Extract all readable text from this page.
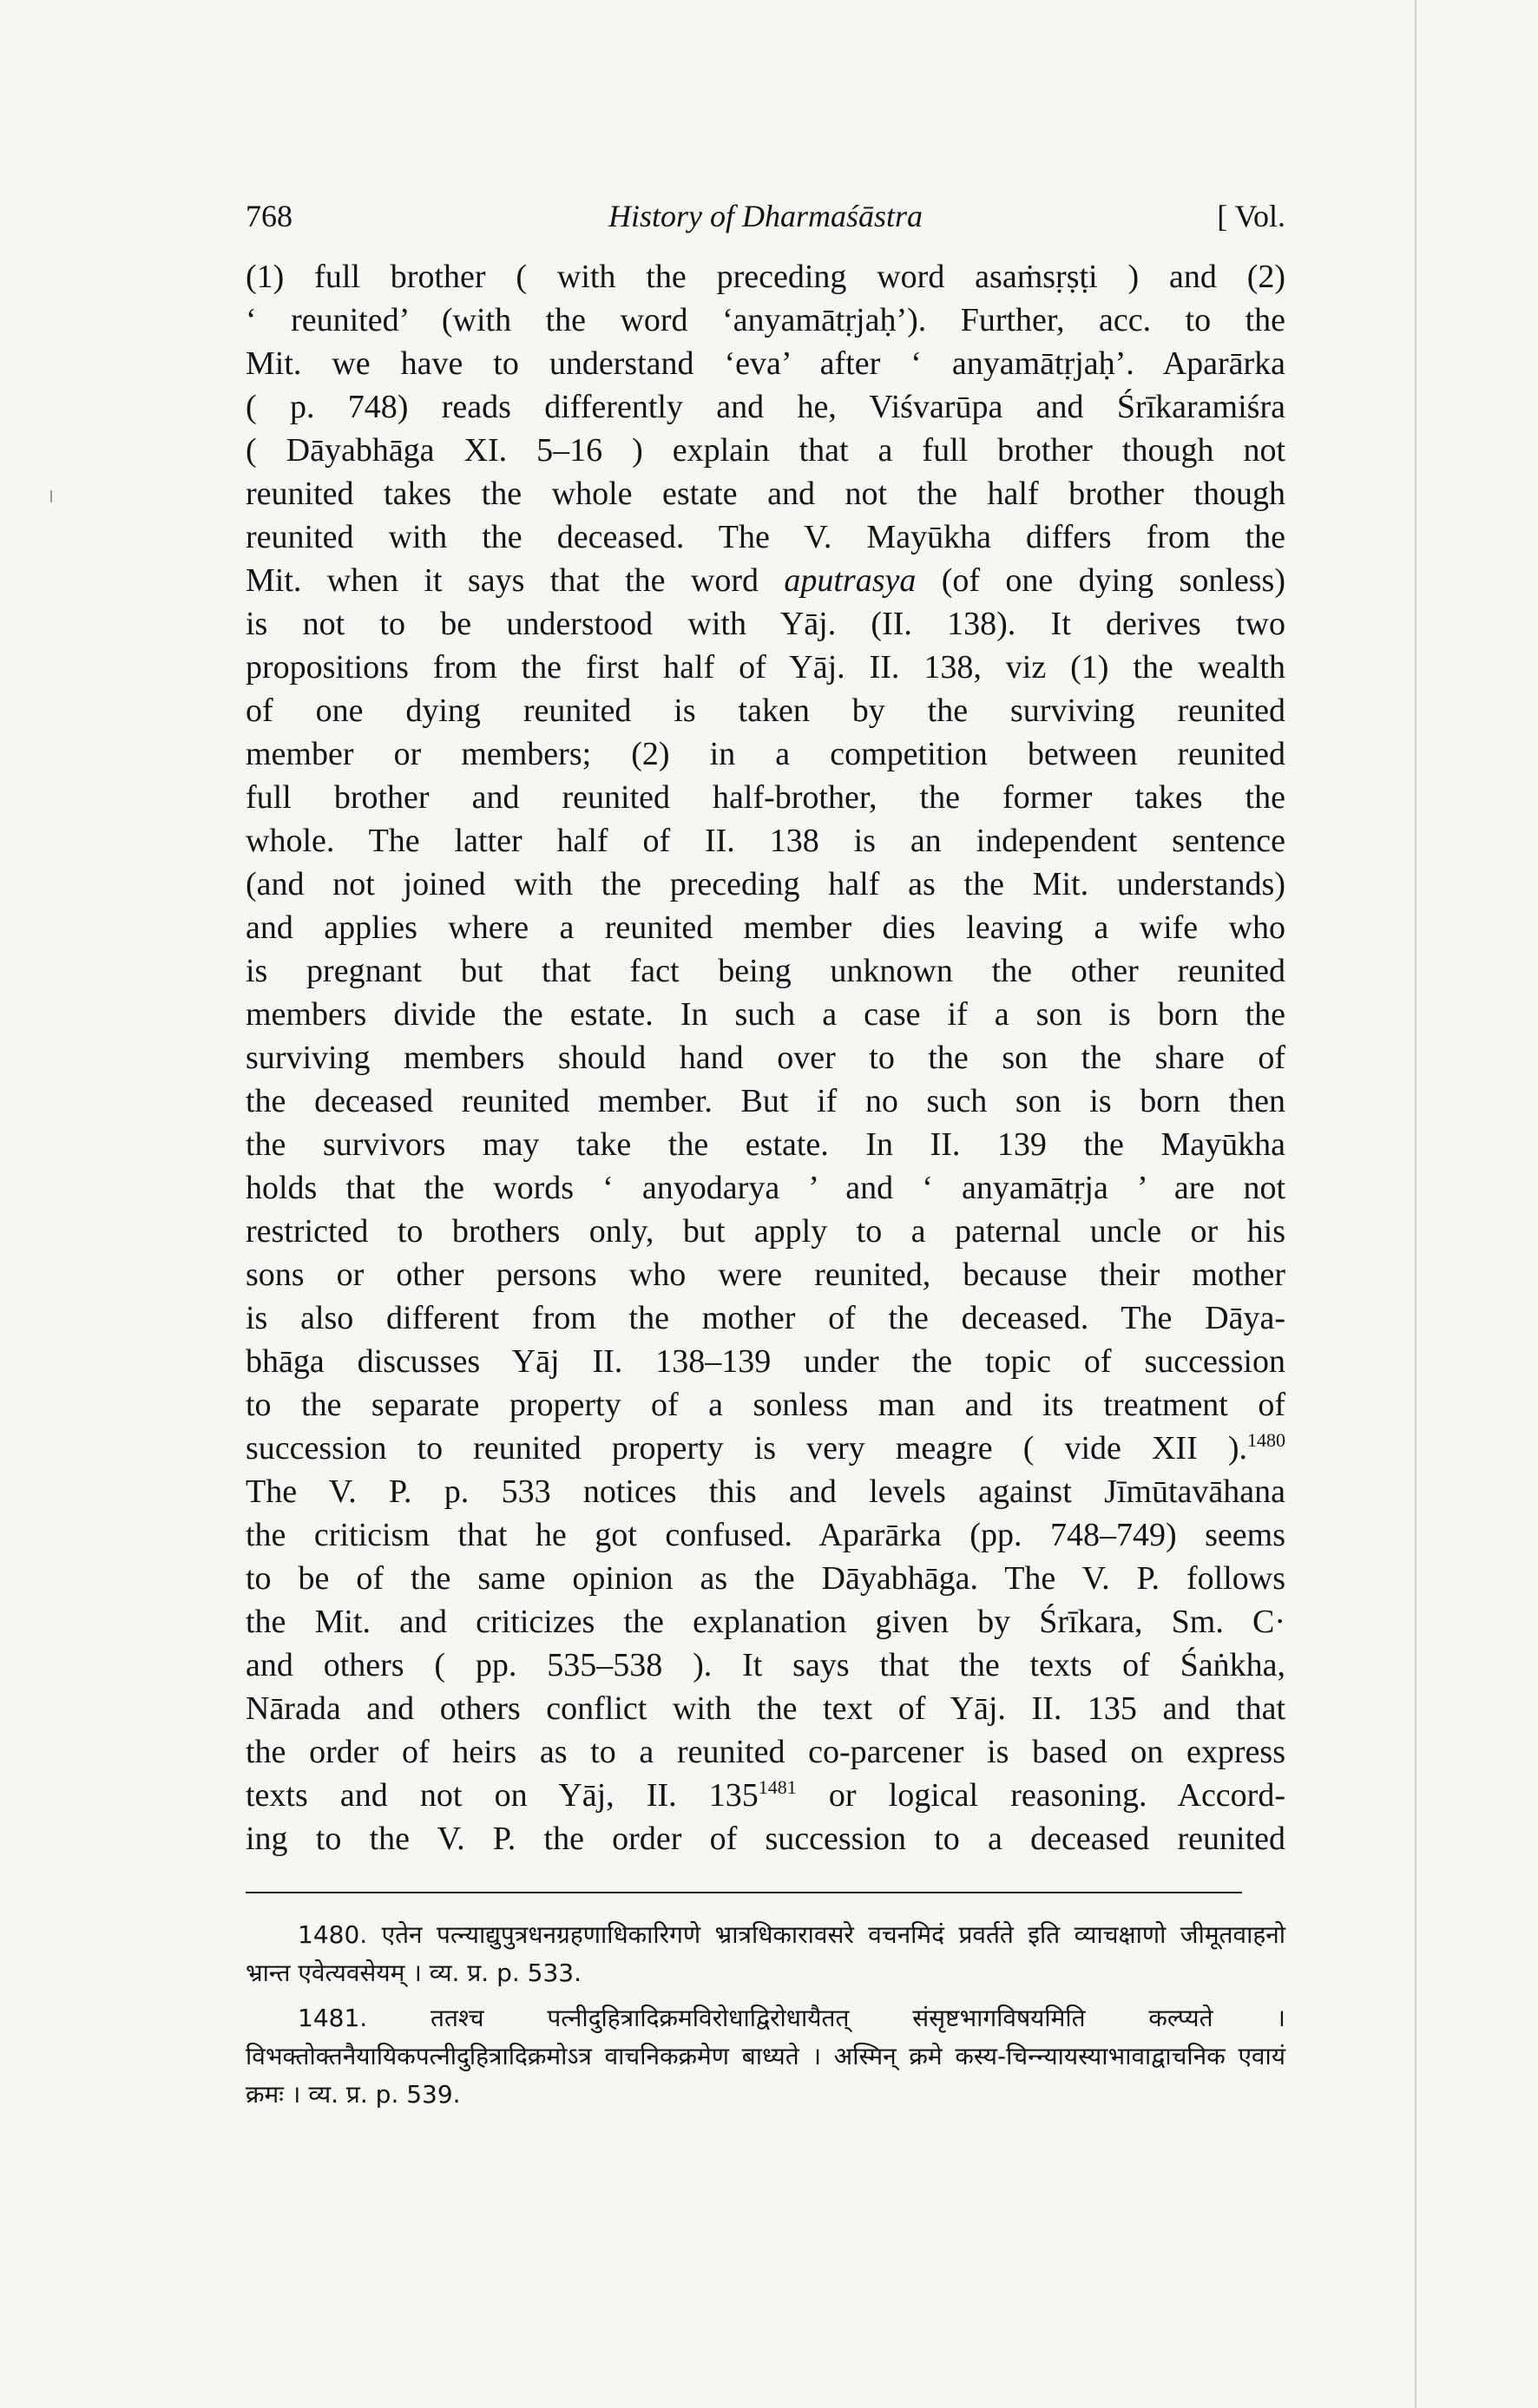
768	History of Dharmaśāstra	[ Vol.
(1) full brother ( with the preceding word asaṁsṛṣṭi ) and (2)
‘ reunited’ (with the word ‘anyamātṛjaḥ’). Further, acc. to the
Mit. we have to understand ‘eva’ after ‘ anyamātṛjaḥ’. Aparārka
( p. 748) reads differently and he, Viśvarūpa and Śrīkaramiśra
( Dāyabhāga XI. 5–16 ) explain that a full brother though not
reunited takes the whole estate and not the half brother though
reunited with the deceased. The V. Mayūkha differs from the
Mit. when it says that the word aputrasya (of one dying sonless)
is not to be understood with Yāj. (II. 138). It derives two
propositions from the first half of Yāj. II. 138, viz (1) the wealth
of one dying reunited is taken by the surviving reunited
member or members; (2) in a competition between reunited
full brother and reunited half-brother, the former takes the
whole. The latter half of II. 138 is an independent sentence
(and not joined with the preceding half as the Mit. understands)
and applies where a reunited member dies leaving a wife who
is pregnant but that fact being unknown the other reunited
members divide the estate. In such a case if a son is born the
surviving members should hand over to the son the share of
the deceased reunited member. But if no such son is born then
the survivors may take the estate. In II. 139 the Mayūkha
holds that the words ‘ anyodarya ’ and ‘ anyamātṛja ’ are not
restricted to brothers only, but apply to a paternal uncle or his
sons or other persons who were reunited, because their mother
is also different from the mother of the deceased. The Dāya-
bhāga discusses Yāj II. 138–139 under the topic of succession
to the separate property of a sonless man and its treatment of
succession to reunited property is very meagre ( vide XII ).$^{1480}$
The V. P. p. 533 notices this and levels against Jīmūtavāhana
the criticism that he got confused. Aparārka (pp. 748–749) seems
to be of the same opinion as the Dāyabhāga. The V. P. follows
the Mit. and criticizes the explanation given by Śrīkara, Sm. C·
and others ( pp. 535–538 ). It says that the texts of Śaṅkha,
Nārada and others conflict with the text of Yāj. II. 135 and that
the order of heirs as to a reunited co-parcener is based on express
texts and not on Yāj, II. 135$^{1481}$ or logical reasoning. Accord-
ing to the V. P. the order of succession to a deceased reunited
1480. एतेन पत्न्याद्युपुत्रधनग्रहणाधिकारिगणे भ्रात्रधिकारावसरे वचनमिदं प्रवर्तते इति व्याचक्षाणो जीमूतवाहनो भ्रान्त एवेत्यवसेयम् । व्य. प्र. p. 533.
1481.	ततश्च पत्नीदुहित्रादिक्रमविरोधाद्विरोधायैतत् संसृष्टभागविषयमिति कल्प्यते । विभक्तोक्तनैयायिकपत्नीदुहित्रादिक्रमोऽत्र वाचनिकक्रमेण बाध्यते । अस्मिन् क्रमे कस्य-चिन्न्यायस्याभावाद्वाचनिक एवायं क्रमः । व्य. प्र. p. 539.
